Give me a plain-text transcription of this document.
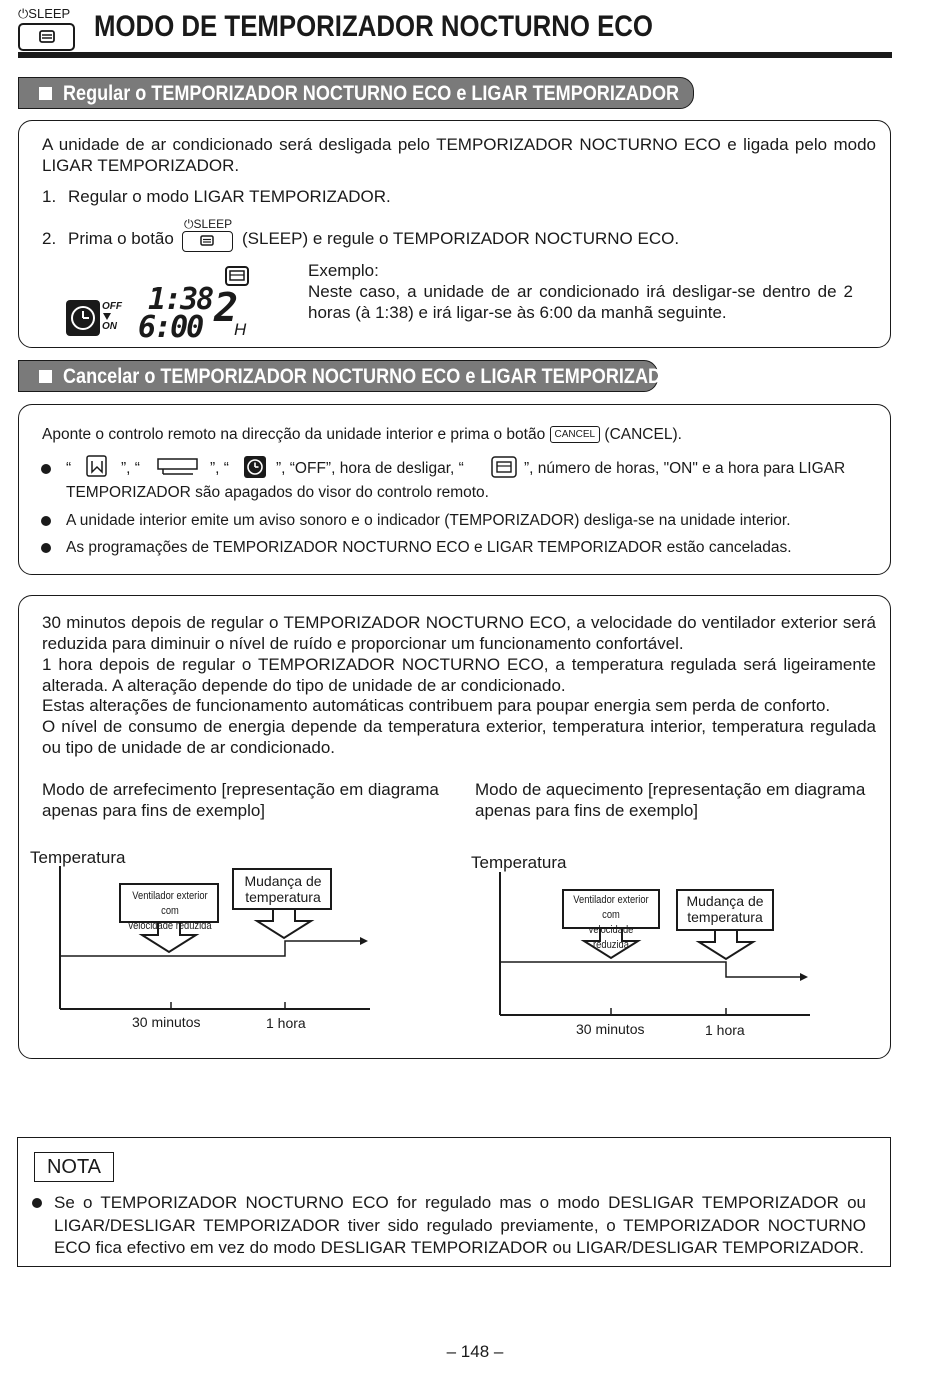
⏻SLEEP MODO DE TEMPORIZADOR NOCTURNO ECO
Regular o TEMPORIZADOR NOCTURNO ECO e LIGAR TEMPORIZADOR
A unidade de ar condicionado será desligada pelo TEMPORIZADOR NOCTURNO ECO e ligada pelo modo LIGAR TEMPORIZADOR.
1. Regular o modo LIGAR TEMPORIZADOR.
2. Prima o botão
⏻SLEEP
(SLEEP) e regule o TEMPORIZADOR NOCTURNO ECO.
OFF
ON
1:38
6:00 2
H
Exemplo:
Neste caso, a unidade de ar condicionado irá desligar-se dentro de 2 horas (à 1:38) e irá ligar-se às 6:00 da manhã seguinte.
Cancelar o TEMPORIZADOR NOCTURNO ECO e LIGAR TEMPORIZADOR
Aponte o controlo remoto na direcção da unidade interior e prima o botão CANCEL (CANCEL).
“	”, “	”, “	”, “OFF”, hora de desligar, “	”, número de horas, "ON" e a hora para LIGAR
TEMPORIZADOR são apagados do visor do controlo remoto.
A unidade interior emite um aviso sonoro e o indicador (TEMPORIZADOR) desliga-se na unidade interior.
As programações de TEMPORIZADOR NOCTURNO ECO e LIGAR TEMPORIZADOR estão canceladas.
30 minutos depois de regular o TEMPORIZADOR NOCTURNO ECO, a velocidade do ventilador exterior será reduzida para diminuir o nível de ruído e proporcionar um funcionamento confortável.
1 hora depois de regular o TEMPORIZADOR NOCTURNO ECO, a temperatura regulada será ligeiramente alterada. A alteração depende do tipo de unidade de ar condicionado.
Estas alterações de funcionamento automáticas contribuem para poupar energia sem perda de conforto.
O nível de consumo de energia depende da temperatura exterior, temperatura interior, temperatura regulada ou tipo de unidade de ar condicionado.
Modo de arrefecimento [representação em diagrama apenas para fins de exemplo]
Modo de aquecimento [representação em diagrama apenas para fins de exemplo]
Temperatura
Ventilador exterior com
velocidade reduzida
Mudança de
temperatura
30 minutos	1 hora
Temperatura
Ventilador exterior com
velocidade reduzida
Mudança de
temperatura
30 minutos	1 hora
NOTA
Se o TEMPORIZADOR NOCTURNO ECO for regulado mas o modo DESLIGAR TEMPORIZADOR ou LIGAR/DESLIGAR TEMPORIZADOR tiver sido regulado previamente, o TEMPORIZADOR NOCTURNO ECO fica efectivo em vez do modo DESLIGAR TEMPORIZADOR ou LIGAR/DESLIGAR TEMPORIZADOR.
– 148 –
